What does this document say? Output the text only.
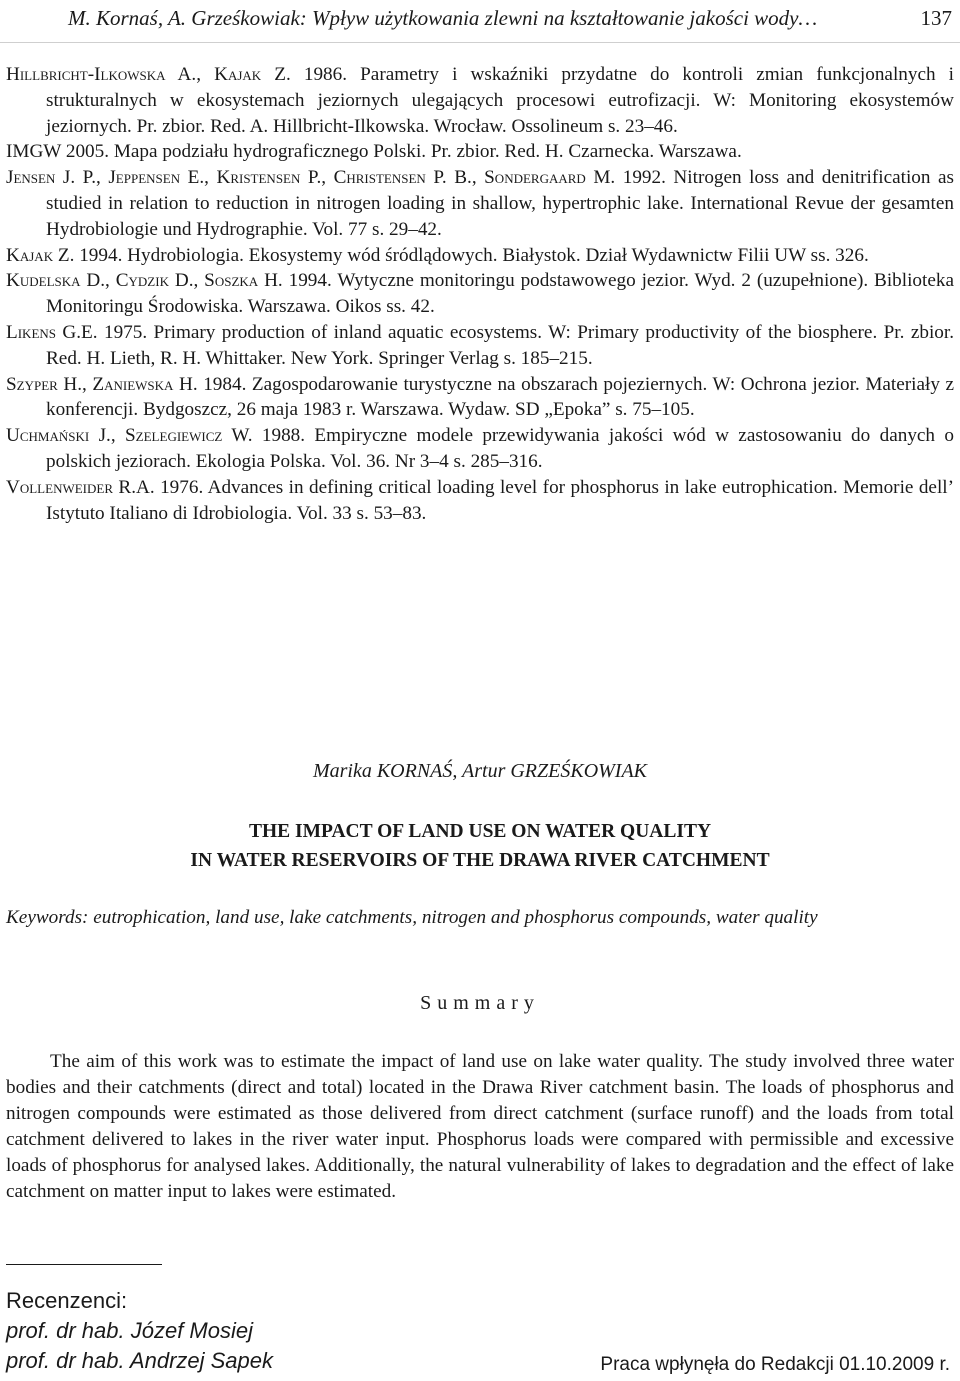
M. Kornaś, A. Grześkowiak: Wpływ użytkowania zlewni na kształtowanie jakości wody…	137
Hillbricht-Ilkowska A., Kajak Z. 1986. Parametry i wskaźniki przydatne do kontroli zmian funkcjonalnych i strukturalnych w ekosystemach jeziornych ulegających procesowi eutrofizacji. W: Monitoring ekosystemów jeziornych. Pr. zbior. Red. A. Hillbricht-Ilkowska. Wrocław. Ossolineum s. 23–46.
IMGW 2005. Mapa podziału hydrograficznego Polski. Pr. zbior. Red. H. Czarnecka. Warszawa.
Jensen J. P., Jeppensen E., Kristensen P., Christensen P. B., Sondergaard M. 1992. Nitrogen loss and denitrification as studied in relation to reduction in nitrogen loading in shallow, hypertrophic lake. International Revue der gesamten Hydrobiologie und Hydrographie. Vol. 77 s. 29–42.
Kajak Z. 1994. Hydrobiologia. Ekosystemy wód śródlądowych. Białystok. Dział Wydawnictw Filii UW ss. 326.
Kudelska D., Cydzik D., Soszka H. 1994. Wytyczne monitoringu podstawowego jezior. Wyd. 2 (uzupełnione). Biblioteka Monitoringu Środowiska. Warszawa. Oikos ss. 42.
Likens G.E. 1975. Primary production of inland aquatic ecosystems. W: Primary productivity of the biosphere. Pr. zbior. Red. H. Lieth, R. H. Whittaker. New York. Springer Verlag s. 185–215.
Szyper H., Zaniewska H. 1984. Zagospodarowanie turystyczne na obszarach pojeziernych. W: Ochrona jezior. Materiały z konferencji. Bydgoszcz, 26 maja 1983 r. Warszawa. Wydaw. SD „Epoka” s. 75–105.
Uchmański J., Szelegiewicz W. 1988. Empiryczne modele przewidywania jakości wód w zastosowaniu do danych o polskich jeziorach. Ekologia Polska. Vol. 36. Nr 3–4 s. 285–316.
Vollenweider R.A. 1976. Advances in defining critical loading level for phosphorus in lake eutrophication. Memorie dell’ Istytuto Italiano di Idrobiologia. Vol. 33 s. 53–83.
Marika KORNAŚ, Artur GRZEŚKOWIAK
THE IMPACT OF LAND USE ON WATER QUALITY
IN WATER RESERVOIRS OF THE DRAWA RIVER CATCHMENT
Keywords: eutrophication, land use, lake catchments, nitrogen and phosphorus compounds, water quality
Summary
The aim of this work was to estimate the impact of land use on lake water quality. The study involved three water bodies and their catchments (direct and total) located in the Drawa River catchment basin. The loads of phosphorus and nitrogen compounds were estimated as those delivered from direct catchment (surface runoff) and the loads from total catchment delivered to lakes in the river water input. Phosphorus loads were compared with permissible and excessive loads of phosphorus for analysed lakes. Additionally, the natural vulnerability of lakes to degradation and the effect of lake catchment on matter input to lakes were estimated.
Recenzenci:
prof. dr hab. Józef Mosiej
prof. dr hab. Andrzej Sapek	Praca wpłynęła do Redakcji 01.10.2009 r.
